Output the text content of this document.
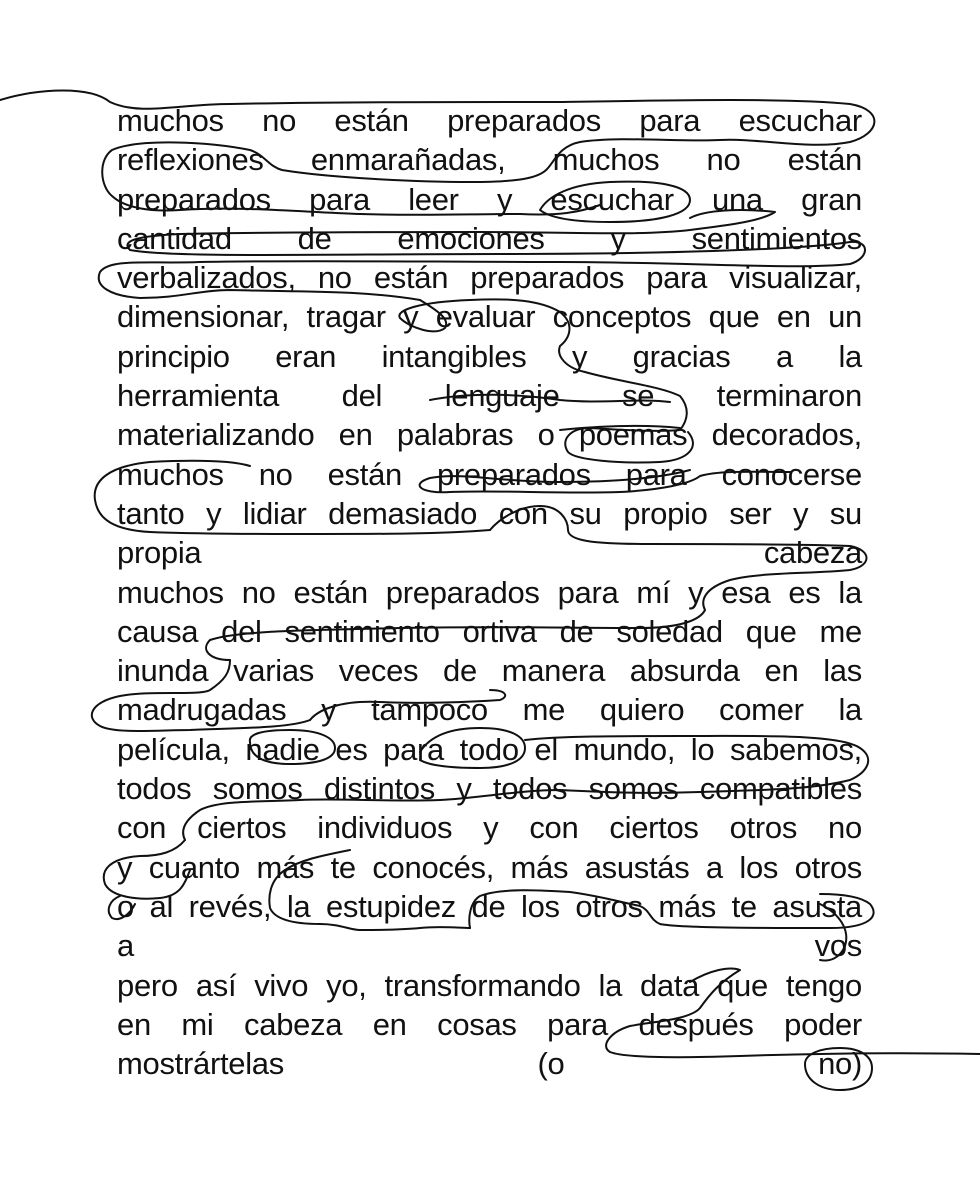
muchos no están preparados para escuchar
reflexiones enmarañadas, muchos no están
preparados para leer y escuchar una gran
cantidad de emociones y sentimientos
verbalizados, no están preparados para visualizar,
dimensionar, tragar y evaluar conceptos que en un
principio eran intangibles y gracias a la
herramienta del lenguaje se terminaron
materializando en palabras o poemas decorados,
muchos no están preparados para conocerse
tanto y lidiar demasiado con su propio ser y su
propia	cabeza
muchos no están preparados para mí y esa es la
causa del sentimiento ortiva de soledad que me
inunda varias veces de manera absurda en las
madrugadas y tampoco me quiero comer la
película, nadie es para todo el mundo, lo sabemos,
todos somos distintos y todos somos compatibles
con ciertos individuos y con ciertos otros no
y cuanto más te conocés, más asustás a los otros
o al revés, la estupidez de los otros más te asusta
a	vos
pero así vivo yo, transformando la data que tengo
en mi cabeza en cosas para después poder
mostrártelas	(o	no)
